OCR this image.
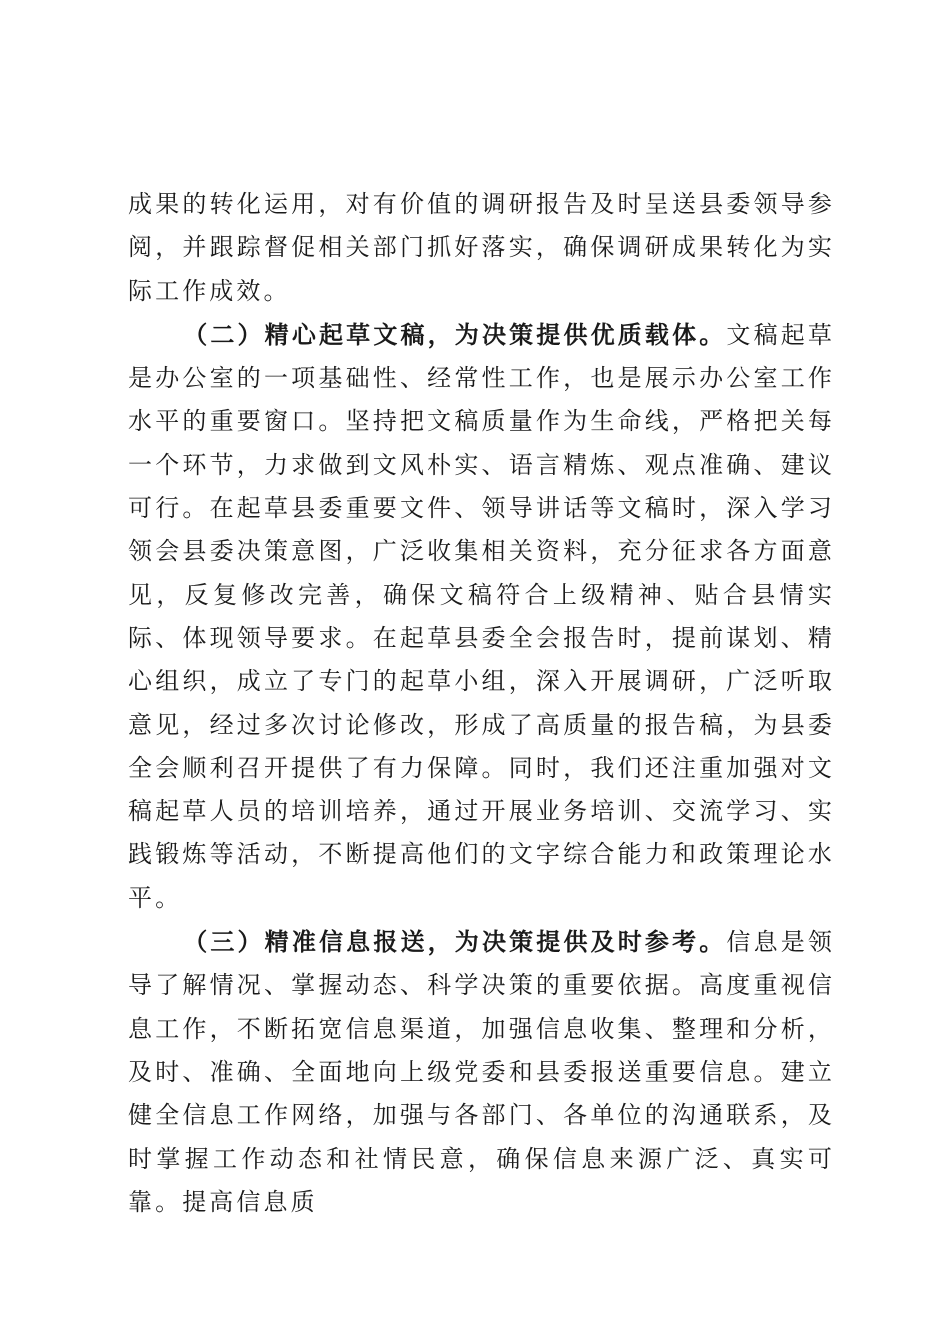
成果的转化运用，对有价值的调研报告及时呈送县委领导参阅，并跟踪督促相关部门抓好落实，确保调研成果转化为实际工作成效。

（二）精心起草文稿，为决策提供优质载体。文稿起草是办公室的一项基础性、经常性工作，也是展示办公室工作水平的重要窗口。坚持把文稿质量作为生命线，严格把关每一个环节，力求做到文风朴实、语言精炼、观点准确、建议可行。在起草县委重要文件、领导讲话等文稿时，深入学习领会县委决策意图，广泛收集相关资料，充分征求各方面意见，反复修改完善，确保文稿符合上级精神、贴合县情实际、体现领导要求。在起草县委全会报告时，提前谋划、精心组织，成立了专门的起草小组，深入开展调研，广泛听取意见，经过多次讨论修改，形成了高质量的报告稿，为县委全会顺利召开提供了有力保障。同时，我们还注重加强对文稿起草人员的培训培养，通过开展业务培训、交流学习、实践锻炼等活动，不断提高他们的文字综合能力和政策理论水平。

（三）精准信息报送，为决策提供及时参考。信息是领导了解情况、掌握动态、科学决策的重要依据。高度重视信息工作，不断拓宽信息渠道，加强信息收集、整理和分析，及时、准确、全面地向上级党委和县委报送重要信息。建立健全信息工作网络，加强与各部门、各单位的沟通联系，及时掌握工作动态和社情民意，确保信息来源广泛、真实可靠。提高信息质
